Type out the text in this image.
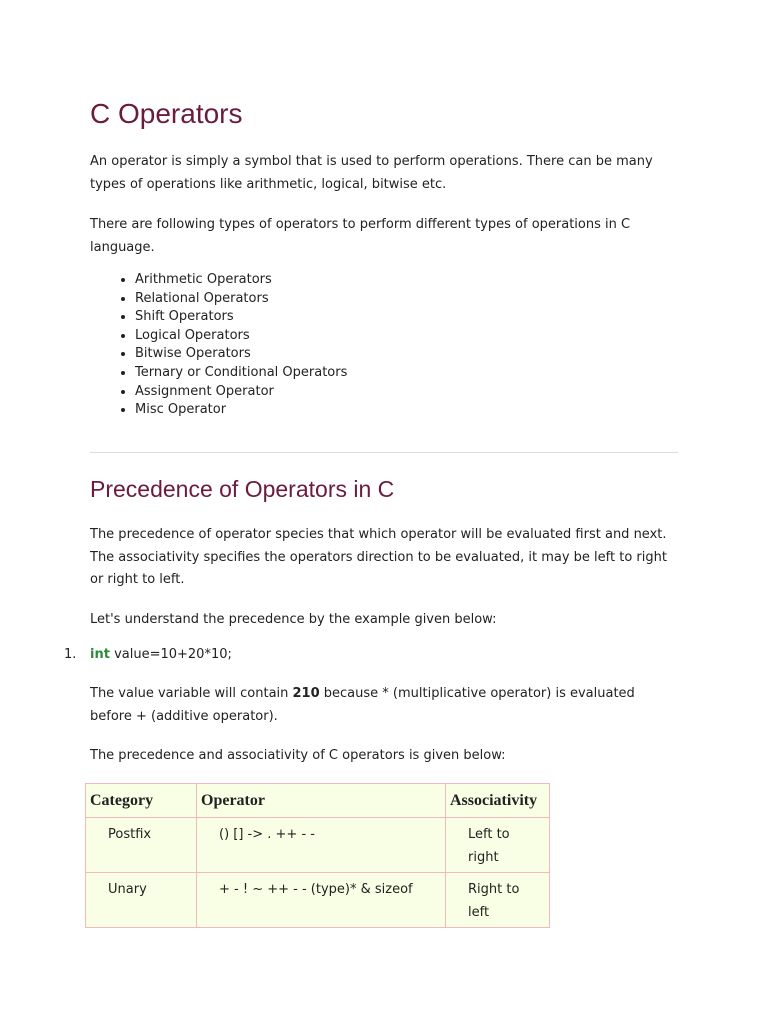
C Operators

An operator is simply a symbol that is used to perform operations. There can be many types of operations like arithmetic, logical, bitwise etc.

There are following types of operators to perform different types of operations in C language.

• Arithmetic Operators
• Relational Operators
• Shift Operators
• Logical Operators
• Bitwise Operators
• Ternary or Conditional Operators
• Assignment Operator
• Misc Operator
Precedence of Operators in C

The precedence of operator species that which operator will be evaluated first and next. The associativity specifies the operators direction to be evaluated, it may be left to right or right to left.

Let's understand the precedence by the example given below:

1. int value=10+20*10;

The value variable will contain 210 because * (multiplicative operator) is evaluated before + (additive operator).

The precedence and associativity of C operators is given below:

Category	Operator	Associativity
Postfix	() [] -> . ++ - -	Left to right
Unary	+ - ! ~ ++ - - (type)* & sizeof	Right to left
